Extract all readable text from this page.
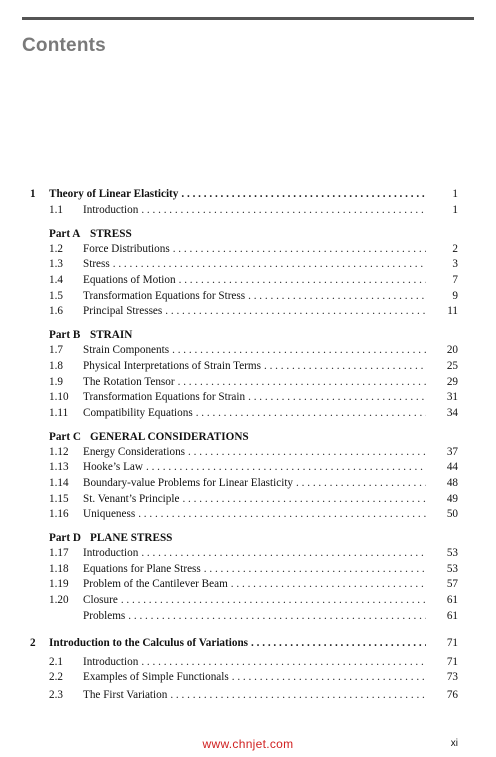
Contents
1	Theory of Linear Elasticity . . .	1
1.1	Introduction . . .	1
Part A STRESS
1.2	Force Distributions . . .	2
1.3	Stress . . .	3
1.4	Equations of Motion . . .	7
1.5	Transformation Equations for Stress . . .	9
1.6	Principal Stresses . . .	11
Part B STRAIN
1.7	Strain Components . . .	20
1.8	Physical Interpretations of Strain Terms . . .	25
1.9	The Rotation Tensor . . .	29
1.10	Transformation Equations for Strain . . .	31
1.11	Compatibility Equations . . .	34
Part C GENERAL CONSIDERATIONS
1.12	Energy Considerations . . .	37
1.13	Hooke’s Law . . .	44
1.14	Boundary-value Problems for Linear Elasticity . . .	48
1.15	St. Venant’s Principle . . .	49
1.16	Uniqueness . . .	50
Part D PLANE STRESS
1.17	Introduction . . .	53
1.18	Equations for Plane Stress . . .	53
1.19	Problem of the Cantilever Beam . . .	57
1.20	Closure . . .	61
Problems . . .	61
2	Introduction to the Calculus of Variations . . .	71
2.1	Introduction . . .	71
2.2	Examples of Simple Functionals . . .	73
2.3	The First Variation . . .	76
www.chnjet.com	xi
